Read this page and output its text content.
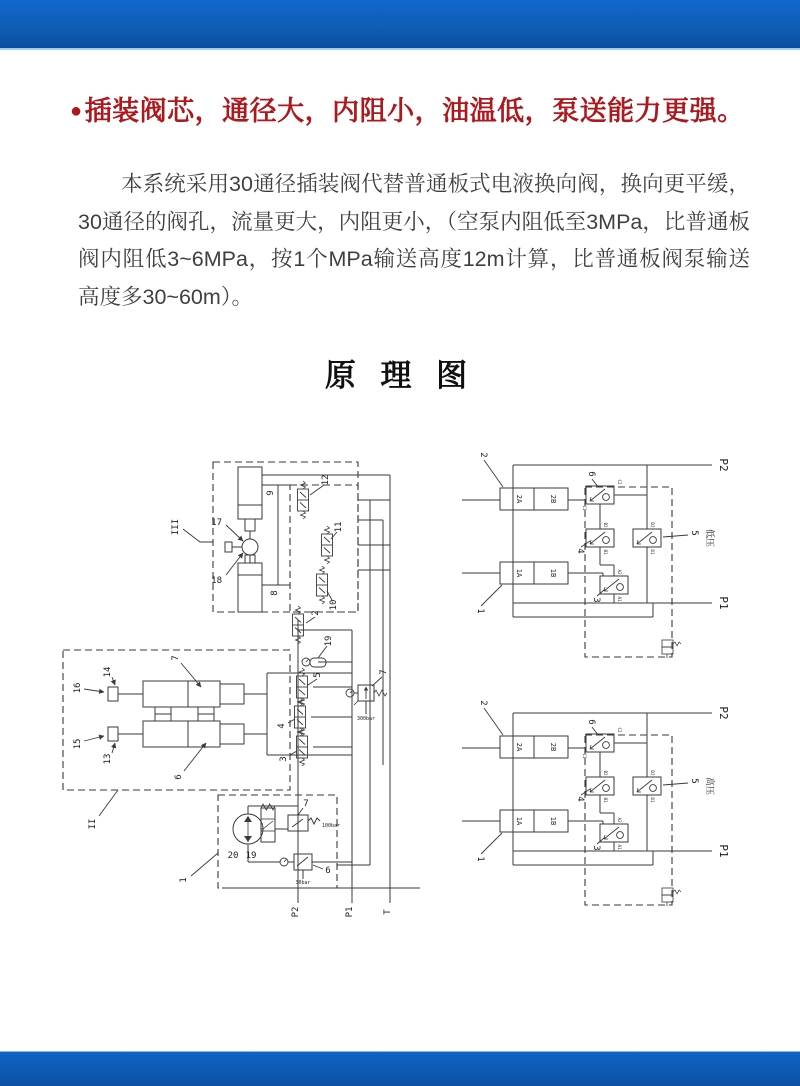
●插装阀芯，通径大，内阻小，油温低，泵送能力更强。

本系统采用30通径插装阀代替普通板式电液换向阀，换向更平缓，30通径的阀孔，流量更大，内阻更小，（空泵内阻低至3MPa，比普通板阀内阻低3~6MPa，按1个MPa输送高度12m计算，比普通板阀泵输送高度多30~60m）。

原 理 图
P2	P1	T
17
18
9
8
III
12
11
10
2
19
5
4
3
7
300bar
16
14
15
13
7
6
II
7
100bar
6
30bar
20 19
1
2
1
2A	2B
1A	1B
6
4
5
3
P2
P1
低压
C1
C2
B2
B1
D2
D1
A2
A1
2
1
2A	2B
1A	1B
6
4
5
3
P2
P1
高压
C1
C2
B2
B1
D2
D1
A2
A1
